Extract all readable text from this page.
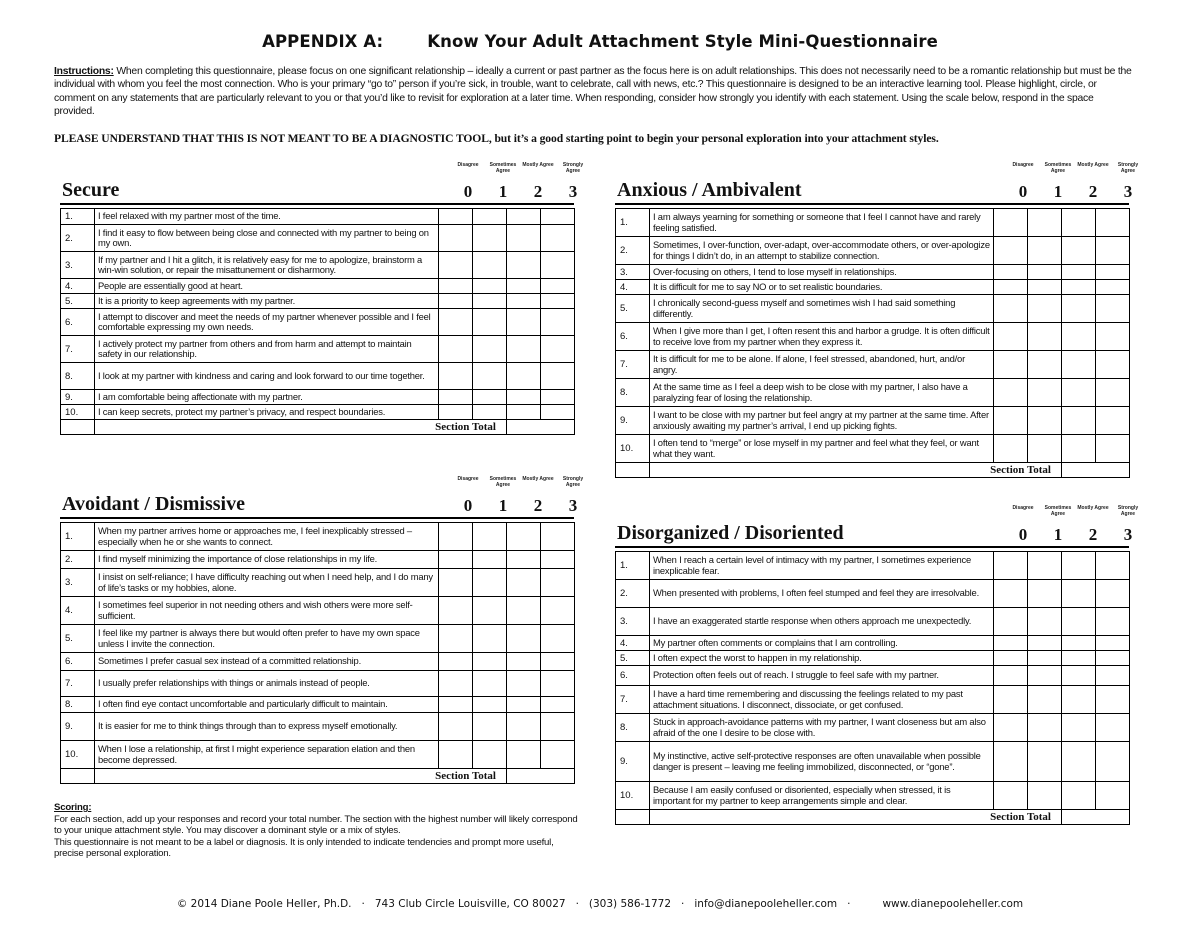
APPENDIX A:	Know Your Adult Attachment Style Mini-Questionnaire
Instructions: When completing this questionnaire, please focus on one significant relationship – ideally a current or past partner as the focus here is on adult relationships. This does not necessarily need to be a romantic relationship but must be the individual with whom you feel the most connection. Who is your primary “go to” person if you’re sick, in trouble, want to celebrate, call with news, etc.? This questionnaire is designed to be an interactive learning tool. Please highlight, circle, or comment on any statements that are particularly relevant to you or that you’d like to revisit for exploration at a later time. When responding, consider how strongly you identify with each statement. Using the scale below, respond in the space provided.
PLEASE UNDERSTAND THAT THIS IS NOT MEANT TO BE A DIAGNOSTIC TOOL, but it’s a good starting point to begin your personal exploration into your attachment styles.
Disagree	Sometimes Agree
Mostly Agree	Strongly Agree
Secure	0	1	2	3
1.	I feel relaxed with my partner most of the time.				
2.	I find it easy to flow between being close and connected with my partner to being on my own.				
3.	If my partner and I hit a glitch, it is relatively easy for me to apologize, brainstorm a win-win solution, or repair the misattunement or disharmony.				
4.	People are essentially good at heart.				
5.	It is a priority to keep agreements with my partner.				
6.	I attempt to discover and meet the needs of my partner whenever possible and I feel comfortable expressing my own needs.				
7.	I actively protect my partner from others and from harm and attempt to maintain safety in our relationship.				
8.	I look at my partner with kindness and caring and look forward to our time together.				
9.	I am comfortable being affectionate with my partner.				
10.	I can keep secrets, protect my partner’s privacy, and respect boundaries.				
	Section Total				
Disagree	Sometimes Agree
Mostly Agree	Strongly Agree
Avoidant / Dismissive	0	1	2	3
1.	When my partner arrives home or approaches me, I feel inexplicably stressed – especially when he or she wants to connect.				
2.	I find myself minimizing the importance of close relationships in my life.				
3.	I insist on self-reliance; I have difficulty reaching out when I need help, and I do many of life’s tasks or my hobbies, alone.				
4.	I sometimes feel superior in not needing others and wish others were more self-sufficient.				
5.	I feel like my partner is always there but would often prefer to have my own space unless I invite the connection.				
6.	Sometimes I prefer casual sex instead of a committed relationship.				
7.	I usually prefer relationships with things or animals instead of people.				
8.	I often find eye contact uncomfortable and particularly difficult to maintain.				
9.	It is easier for me to think things through than to express myself emotionally.				
10.	When I lose a relationship, at first I might experience separation elation and then become depressed.				
	Section Total				
Disagree	Sometimes Agree
Mostly Agree	Strongly Agree
Anxious / Ambivalent	0	1	2	3
1.	I am always yearning for something or someone that I feel I cannot have and rarely feeling satisfied.				
2.	Sometimes, I over-function, over-adapt, over-accommodate others, or over-apologize for things I didn’t do, in an attempt to stabilize connection.				
3.	Over-focusing on others, I tend to lose myself in relationships.				
4.	It is difficult for me to say NO or to set realistic boundaries.				
5.	I chronically second-guess myself and sometimes wish I had said something differently.				
6.	When I give more than I get, I often resent this and harbor a grudge. It is often difficult to receive love from my partner when they express it.				
7.	It is difficult for me to be alone. If alone, I feel stressed, abandoned, hurt, and/or angry.				
8.	At the same time as I feel a deep wish to be close with my partner, I also have a paralyzing fear of losing the relationship.				
9.	I want to be close with my partner but feel angry at my partner at the same time. After anxiously awaiting my partner’s arrival, I end up picking fights.				
10.	I often tend to “merge” or lose myself in my partner and feel what they feel, or want what they want.				
	Section Total				
Disagree	Sometimes Agree
Mostly Agree	Strongly Agree
Disorganized / Disoriented	0	1	2	3
1.	When I reach a certain level of intimacy with my partner, I sometimes experience inexplicable fear.				
2.	When presented with problems, I often feel stumped and feel they are irresolvable.				
3.	I have an exaggerated startle response when others approach me unexpectedly.				
4.	My partner often comments or complains that I am controlling.				
5.	I often expect the worst to happen in my relationship.				
6.	Protection often feels out of reach. I struggle to feel safe with my partner.				
7.	I have a hard time remembering and discussing the feelings related to my past attachment situations. I disconnect, dissociate, or get confused.				
8.	Stuck in approach-avoidance patterns with my partner, I want closeness but am also afraid of the one I desire to be close with.				
9.	My instinctive, active self-protective responses are often unavailable when possible danger is present – leaving me feeling immobilized, disconnected, or “gone”.				
10.	Because I am easily confused or disoriented, especially when stressed, it is important for my partner to keep arrangements simple and clear.				
	Section Total				
Scoring:
For each section, add up your responses and record your total number. The section with the highest number will likely correspond to your unique attachment style. You may discover a dominant style or a mix of styles.
This questionnaire is not meant to be a label or diagnosis. It is only intended to indicate tendencies and prompt more useful, precise personal exploration.
© 2014 Diane Poole Heller, Ph.D. · 743 Club Circle Louisville, CO 80027 · (303) 586-1772 · info@dianepooleheller.com ·	www.dianepooleheller.com
